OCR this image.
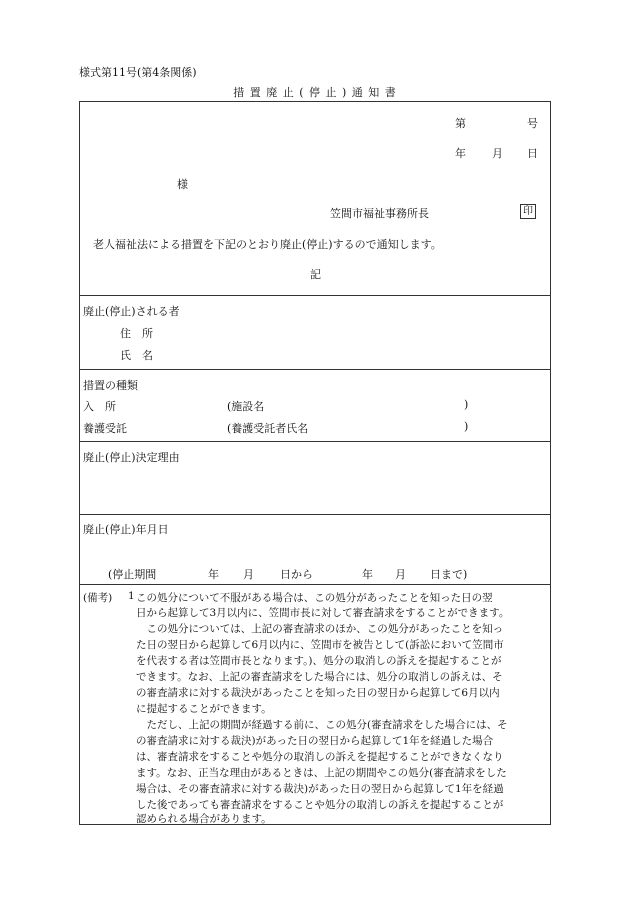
様式第11号(第4条関係)
措 置 廃 止 ( 停 止 ) 通 知 書
第	号
年 月 日
様
笠間市福祉事務所長	印
老人福祉法による措置を下記のとおり廃止(停止)するので通知します。
記
廃止(停止)される者
住　所
氏　名
措置の種類
入　所	(施設名	)
養護受託	(養護受託者氏名	)
廃止(停止)決定理由
廃止(停止)年月日
(停止期間	年 月 日から	年 月 日まで)
(備考) 1 この処分について不服がある場合は、この処分があったことを知った日の翌
日から起算して3月以内に、笠間市長に対して審査請求をすることができます。
　この処分については、上記の審査請求のほか、この処分があったことを知っ
た日の翌日から起算して6月以内に、笠間市を被告として(訴訟において笠間市
を代表する者は笠間市長となります。)、処分の取消しの訴えを提起することが
できます。なお、上記の審査請求をした場合には、処分の取消しの訴えは、そ
の審査請求に対する裁決があったことを知った日の翌日から起算して6月以内
に提起することができます。
　ただし、上記の期間が経過する前に、この処分(審査請求をした場合には、そ
の審査請求に対する裁決)があった日の翌日から起算して1年を経過した場合
は、審査請求をすることや処分の取消しの訴えを提起することができなくなり
ます。なお、正当な理由があるときは、上記の期間やこの処分(審査請求をした
場合は、その審査請求に対する裁決)があった日の翌日から起算して1年を経過
した後であっても審査請求をすることや処分の取消しの訴えを提起することが
認められる場合があります。
